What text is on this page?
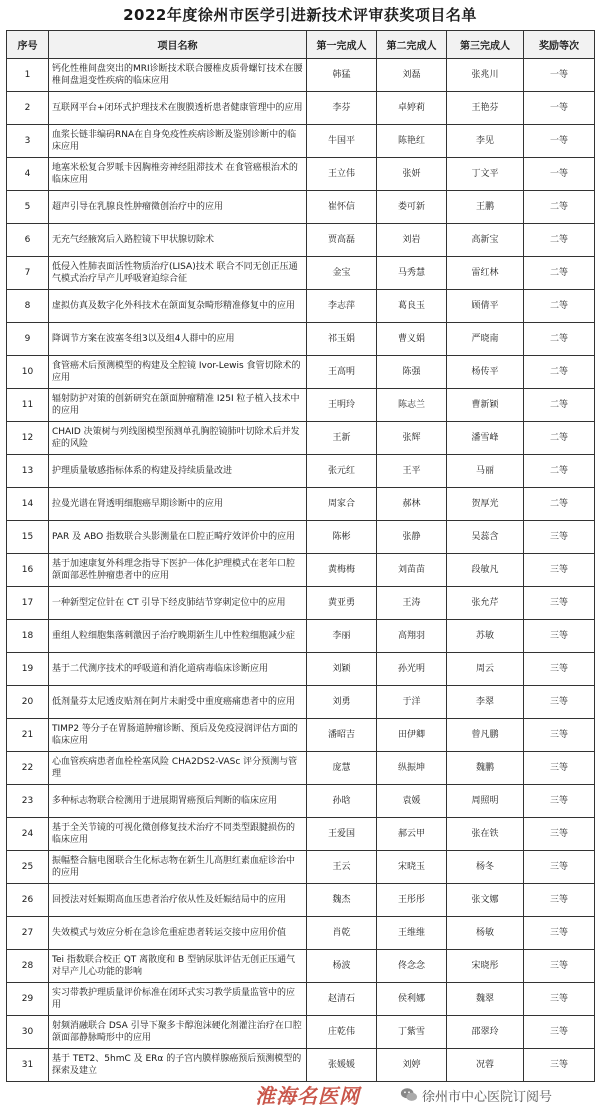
2022年度徐州市医学引进新技术评审获奖项目名单
序号	项目名称	第一完成人	第二完成人	第三完成人	奖励等次
1	钙化性椎间盘突出的MRI诊断技术联合腰椎皮质骨螺钉技术在腰椎间盘退变性疾病的临床应用	韩猛	刘磊	张兆川	一等
2	互联网平台+闭环式护理技术在腹膜透析患者健康管理中的应用	李芬	卓婷莉	王艳芬	一等
3	血浆长链非编码RNA在自身免疫性疾病诊断及鉴别诊断中的临床应用	牛国平	陈艳红	李见	一等
4	地塞米松复合罗哌卡因胸椎旁神经阻滞技术 在食管癌根治术的临床应用	王立伟	张妍	丁文平	一等
5	超声引导在乳腺良性肿瘤微创治疗中的应用	崔怀信	娄可新	王鹏	二等
6	无充气经腋窝后入路腔镜下甲状腺切除术	贾高磊	刘岩	高新宝	二等
7	低侵入性肺表面活性物质治疗(LISA)技术 联合不同无创正压通气模式治疗早产儿呼吸窘迫综合征	金宝	马秀慧	雷红林	二等
8	虚拟仿真及数字化外科技术在颌面复杂畸形精准修复中的应用	李志萍	葛良玉	顾倩平	二等
9	降调节方案在波塞冬组3以及组4人群中的应用	祁玉娟	曹义娟	严晓南	二等
10	食管癌术后预测模型的构建及全腔镜 Ivor-Lewis 食管切除术的应用	王高明	陈强	杨传平	二等
11	辐射防护对策的创新研究在颌面肿瘤精准 I25I 粒子植入技术中的应用	王明玲	陈志兰	曹新颖	二等
12	CHAID 决策树与列线图模型预测单孔胸腔镜肺叶切除术后并发症的风险	王新	张辉	潘雪峰	二等
13	护理质量敏感指标体系的构建及持续质量改进	张元红	王平	马丽	二等
14	拉曼光谱在肾透明细胞癌早期诊断中的应用	周家合	郝林	贺厚光	二等
15	PAR 及 ABO 指数联合头影测量在口腔正畸疗效评价中的应用	陈彬	张静	吴蕊含	三等
16	基于加速康复外科理念指导下医护一体化护理模式在老年口腔颌面部恶性肿瘤患者中的应用	黄梅梅	刘苗苗	段敏凡	三等
17	一种新型定位针在 CT 引导下经皮肺结节穿刺定位中的应用	黄亚勇	王涛	张允芹	三等
18	重组人粒细胞集落刺激因子治疗晚期新生儿中性粒细胞减少症	李丽	高翔羽	苏敏	三等
19	基于二代测序技术的呼吸道和消化道病毒临床诊断应用	刘颖	孙光明	周云	三等
20	低剂量芬太尼透皮贴剂在阿片未耐受中重度癌痛患者中的应用	刘勇	于洋	李翠	三等
21	TIMP2 等分子在胃肠道肿瘤诊断、预后及免疫浸润评估方面的临床应用	潘昭吉	田伊卿	曾凡鹏	三等
22	心血管疾病患者血栓栓塞风险 CHA2DS2-VASc 评分预测与管理	庞慧	纵振坤	魏鹏	三等
23	多种标志物联合检测用于进展期胃癌预后判断的临床应用	孙晗	袁媛	周照明	三等
24	基于全关节镜的可视化微创修复技术治疗不同类型跟腱损伤的临床应用	王爱国	郝云甲	张在铁	三等
25	振幅整合脑电图联合生化标志物在新生儿高胆红素血症诊治中的应用	王云	宋晓玉	杨冬	三等
26	回授法对妊娠期高血压患者治疗依从性及妊娠结局中的应用	魏杰	王彤彤	张文娜	三等
27	失效模式与效应分析在急诊危重症患者转运交接中应用价值	肖乾	王维维	杨敏	三等
28	Tei 指数联合校正 QT 离散度和 B 型钠尿肽评估无创正压通气对早产儿心功能的影响	杨波	佟念念	宋晓彤	三等
29	实习带教护理质量评价标准在闭环式实习教学质量监管中的应用	赵清石	侯利娜	魏翠	三等
30	射频消融联合 DSA 引导下聚多卡醇泡沫硬化剂灌注治疗在口腔颌面部静脉畸形中的应用	庄乾伟	丁紫雪	邵翠玲	三等
31	基于 TET2、5hmC 及 ERα 的子宫内膜样腺癌预后预测模型的探索及建立	张媛媛	刘婷	况蓉	三等
淮海名医网	徐州市中心医院订阅号
